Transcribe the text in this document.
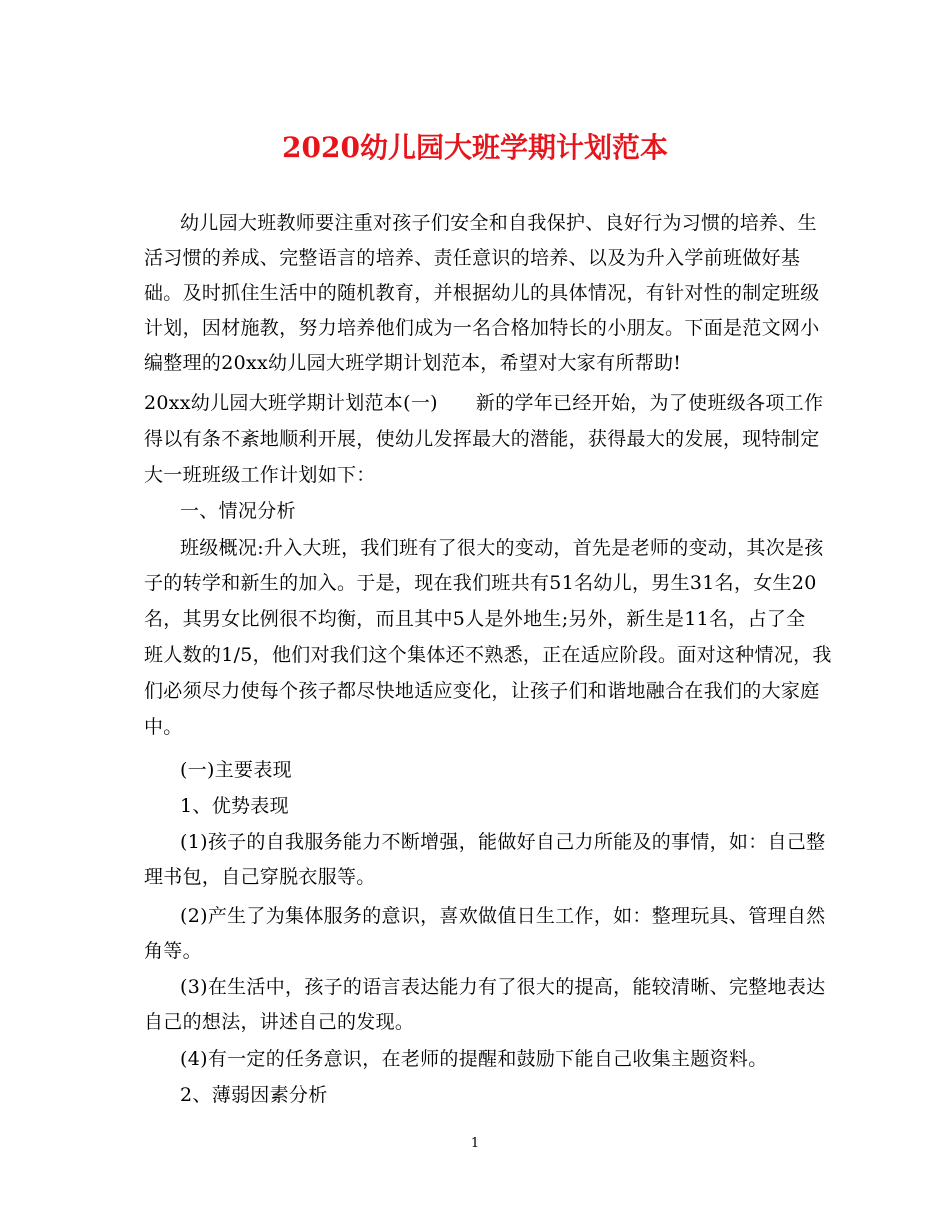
2020幼儿园大班学期计划范本
幼儿园大班教师要注重对孩子们安全和自我保护、良好行为习惯的培养、生
活习惯的养成、完整语言的培养、责任意识的培养、以及为升入学前班做好基
础。及时抓住生活中的随机教育，并根据幼儿的具体情况，有针对性的制定班级
计划，因材施教，努力培养他们成为一名合格加特长的小朋友。下面是范文网小
编整理的20xx幼儿园大班学期计划范本，希望对大家有所帮助!
20xx幼儿园大班学期计划范本(一) 新的学年已经开始，为了使班级各项工作
得以有条不紊地顺利开展，使幼儿发挥最大的潜能，获得最大的发展，现特制定
大一班班级工作计划如下：
一、情况分析
班级概况:升入大班，我们班有了很大的变动，首先是老师的变动，其次是孩
子的转学和新生的加入。于是，现在我们班共有51名幼儿，男生31名，女生20
名，其男女比例很不均衡，而且其中5人是外地生;另外，新生是11名，占了全
班人数的1/5，他们对我们这个集体还不熟悉，正在适应阶段。面对这种情况，我
们必须尽力使每个孩子都尽快地适应变化，让孩子们和谐地融合在我们的大家庭
中。
(一)主要表现
1、优势表现
(1)孩子的自我服务能力不断增强，能做好自己力所能及的事情，如：自己整
理书包，自己穿脱衣服等。
(2)产生了为集体服务的意识，喜欢做值日生工作，如：整理玩具、管理自然
角等。
(3)在生活中，孩子的语言表达能力有了很大的提高，能较清晰、完整地表达
自己的想法，讲述自己的发现。
(4)有一定的任务意识，在老师的提醒和鼓励下能自己收集主题资料。
2、薄弱因素分析
1
